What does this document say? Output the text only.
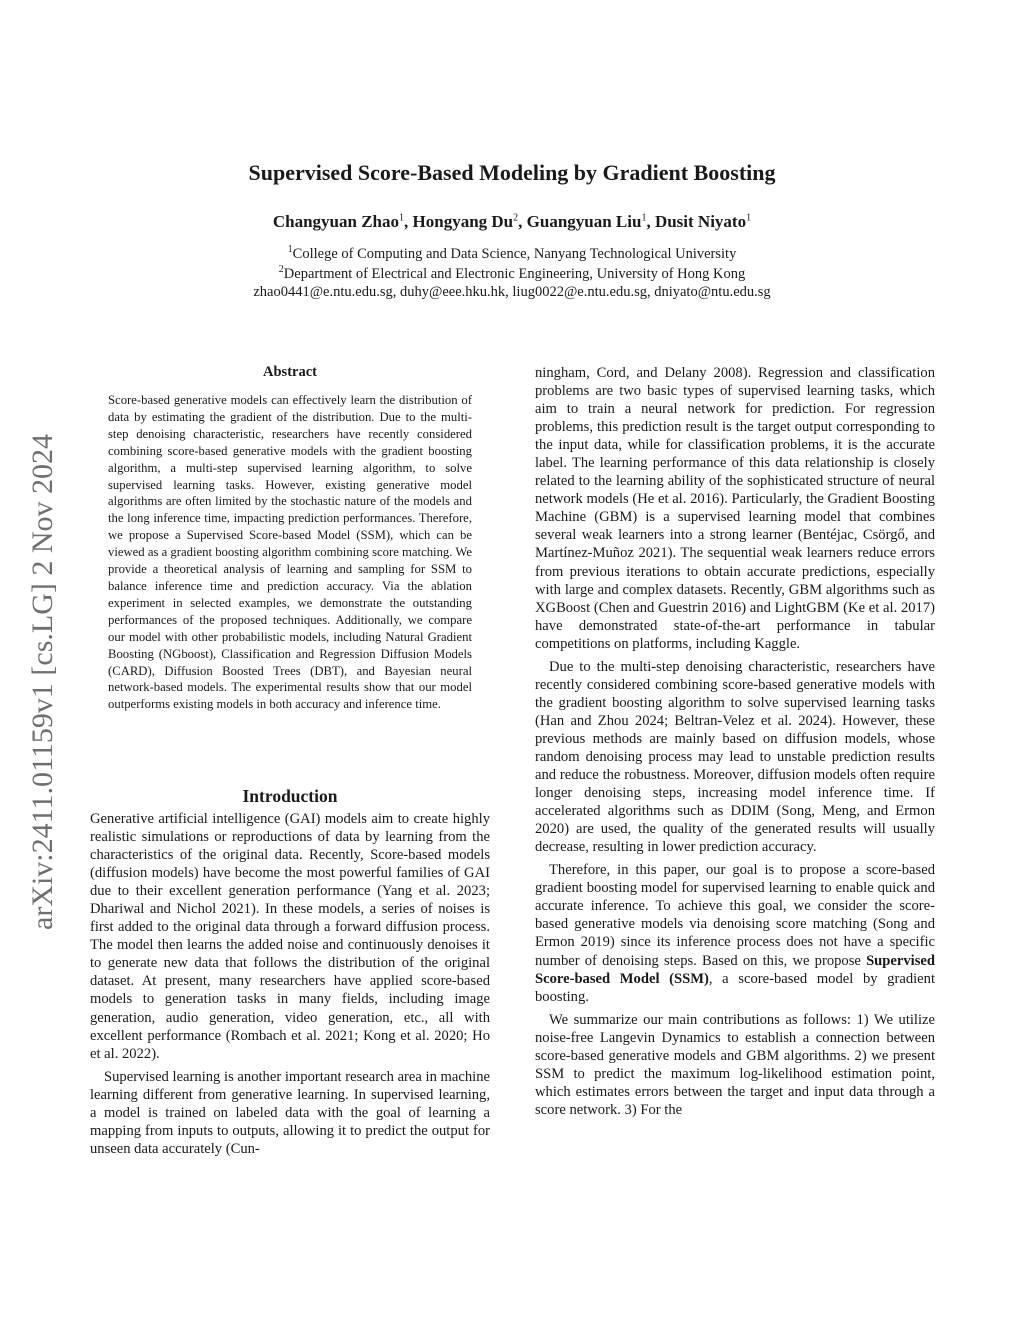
Supervised Score-Based Modeling by Gradient Boosting
Changyuan Zhao$^1$, Hongyang Du$^2$, Guangyuan Liu$^1$, Dusit Niyato$^1$
$^1$College of Computing and Data Science, Nanyang Technological University
$^2$Department of Electrical and Electronic Engineering, University of Hong Kong
zhao0441@e.ntu.edu.sg, duhy@eee.hku.hk, liug0022@e.ntu.edu.sg, dniyato@ntu.edu.sg
arXiv:2411.01159v1 [cs.LG] 2 Nov 2024
Abstract

Score-based generative models can effectively learn the distribution of data by estimating the gradient of the distribution. Due to the multi-step denoising characteristic, researchers have recently considered combining score-based generative models with the gradient boosting algorithm, a multi-step supervised learning algorithm, to solve supervised learning tasks. However, existing generative model algorithms are often limited by the stochastic nature of the models and the long inference time, impacting prediction performances. Therefore, we propose a Supervised Score-based Model (SSM), which can be viewed as a gradient boosting algorithm combining score matching. We provide a theoretical analysis of learning and sampling for SSM to balance inference time and prediction accuracy. Via the ablation experiment in selected examples, we demonstrate the outstanding performances of the proposed techniques. Additionally, we compare our model with other probabilistic models, including Natural Gradient Boosting (NGboost), Classification and Regression Diffusion Models (CARD), Diffusion Boosted Trees (DBT), and Bayesian neural network-based models. The experimental results show that our model outperforms existing models in both accuracy and inference time.

Introduction

Generative artificial intelligence (GAI) models aim to create highly realistic simulations or reproductions of data by learning from the characteristics of the original data. Recently, Score-based models (diffusion models) have become the most powerful families of GAI due to their excellent generation performance (Yang et al. 2023; Dhariwal and Nichol 2021). In these models, a series of noises is first added to the original data through a forward diffusion process. The model then learns the added noise and continuously denoises it to generate new data that follows the distribution of the original dataset. At present, many researchers have applied score-based models to generation tasks in many fields, including image generation, audio generation, video generation, etc., all with excellent performance (Rombach et al. 2021; Kong et al. 2020; Ho et al. 2022).

Supervised learning is another important research area in machine learning different from generative learning. In supervised learning, a model is trained on labeled data with the goal of learning a mapping from inputs to outputs, allowing it to predict the output for unseen data accurately (Cun-

ningham, Cord, and Delany 2008). Regression and classification problems are two basic types of supervised learning tasks, which aim to train a neural network for prediction. For regression problems, this prediction result is the target output corresponding to the input data, while for classification problems, it is the accurate label. The learning performance of this data relationship is closely related to the learning ability of the sophisticated structure of neural network models (He et al. 2016). Particularly, the Gradient Boosting Machine (GBM) is a supervised learning model that combines several weak learners into a strong learner (Bentéjac, Csörgő, and Martínez-Muñoz 2021). The sequential weak learners reduce errors from previous iterations to obtain accurate predictions, especially with large and complex datasets. Recently, GBM algorithms such as XGBoost (Chen and Guestrin 2016) and LightGBM (Ke et al. 2017) have demonstrated state-of-the-art performance in tabular competitions on platforms, including Kaggle.

Due to the multi-step denoising characteristic, researchers have recently considered combining score-based generative models with the gradient boosting algorithm to solve supervised learning tasks (Han and Zhou 2024; Beltran-Velez et al. 2024). However, these previous methods are mainly based on diffusion models, whose random denoising process may lead to unstable prediction results and reduce the robustness. Moreover, diffusion models often require longer denoising steps, increasing model inference time. If accelerated algorithms such as DDIM (Song, Meng, and Ermon 2020) are used, the quality of the generated results will usually decrease, resulting in lower prediction accuracy.

Therefore, in this paper, our goal is to propose a score-based gradient boosting model for supervised learning to enable quick and accurate inference. To achieve this goal, we consider the score-based generative models via denoising score matching (Song and Ermon 2019) since its inference process does not have a specific number of denoising steps. Based on this, we propose Supervised Score-based Model (SSM), a score-based model by gradient boosting.

We summarize our main contributions as follows: 1) We utilize noise-free Langevin Dynamics to establish a connection between score-based generative models and GBM algorithms. 2) we present SSM to predict the maximum log-likelihood estimation point, which estimates errors between the target and input data through a score network. 3) For the
